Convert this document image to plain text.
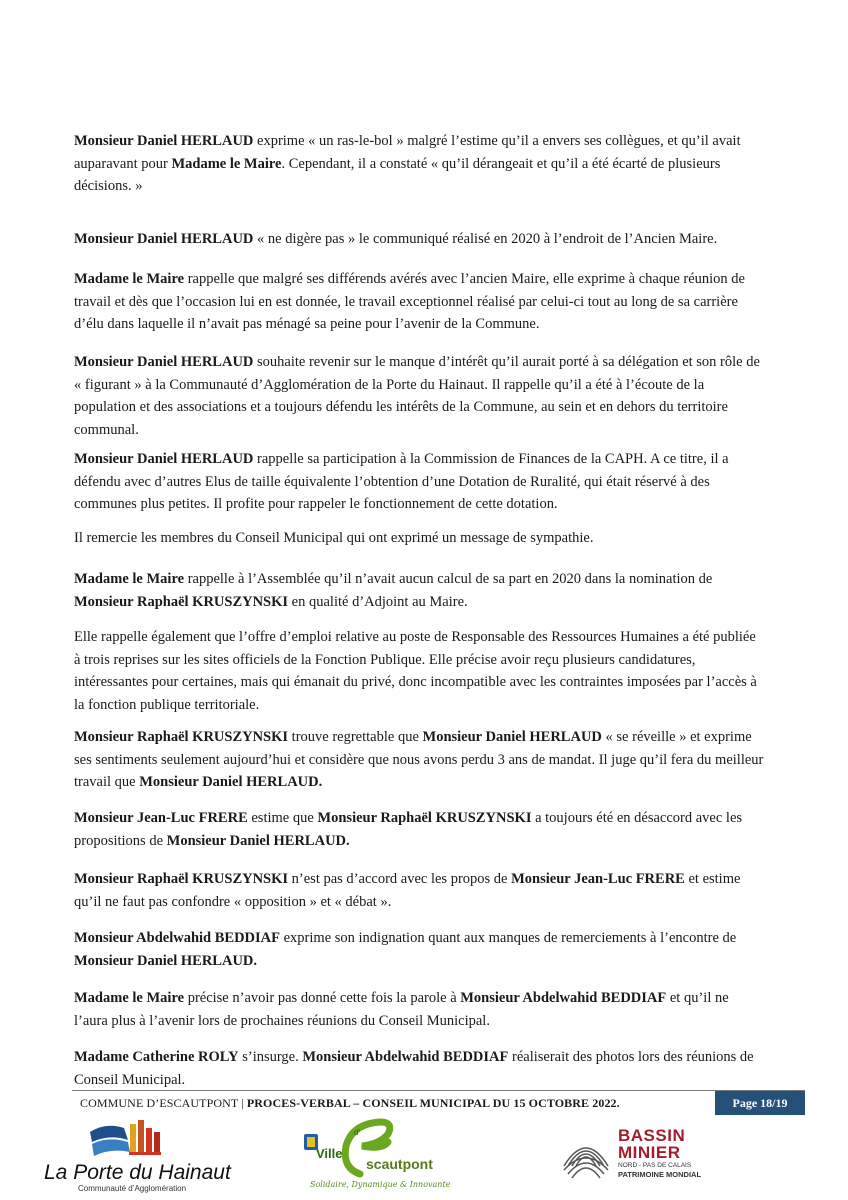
Monsieur Daniel HERLAUD exprime « un ras-le-bol » malgré l’estime qu’il a envers ses collègues, et qu’il avait auparavant pour Madame le Maire. Cependant, il a constaté « qu’il dérangeait et qu’il a été écarté de plusieurs décisions. »

Monsieur Daniel HERLAUD « ne digère pas » le communiqué réalisé en 2020 à l’endroit de l’Ancien Maire.

Madame le Maire rappelle que malgré ses différends avérés avec l’ancien Maire, elle exprime à chaque réunion de travail et dès que l’occasion lui en est donnée, le travail exceptionnel réalisé par celui-ci tout au long de sa carrière d’élu dans laquelle il n’avait pas ménagé sa peine pour l’avenir de la Commune.

Monsieur Daniel HERLAUD souhaite revenir sur le manque d’intérêt qu’il aurait porté à sa délégation et son rôle de « figurant » à la Communauté d’Agglomération de la Porte du Hainaut. Il rappelle qu’il a été à l’écoute de la population et des associations et a toujours défendu les intérêts de la Commune, au sein et en dehors du territoire communal.

Monsieur Daniel HERLAUD rappelle sa participation à la Commission de Finances de la CAPH. A ce titre, il a défendu avec d’autres Elus de taille équivalente l’obtention d’une Dotation de Ruralité, qui était réservé à des communes plus petites. Il profite pour rappeler le fonctionnement de cette dotation.

Il remercie les membres du Conseil Municipal qui ont exprimé un message de sympathie.

Madame le Maire rappelle à l’Assemblée qu’il n’avait aucun calcul de sa part en 2020 dans la nomination de Monsieur Raphaël KRUSZYNSKI en qualité d’Adjoint au Maire.

Elle rappelle également que l’offre d’emploi relative au poste de Responsable des Ressources Humaines a été publiée à trois reprises sur les sites officiels de la Fonction Publique. Elle précise avoir reçu plusieurs candidatures, intéressantes pour certaines, mais qui émanait du privé, donc incompatible avec les contraintes imposées par l’accès à la fonction publique territoriale.

Monsieur Raphaël KRUSZYNSKI trouve regrettable que Monsieur Daniel HERLAUD « se réveille » et exprime ses sentiments seulement aujourd’hui et considère que nous avons perdu 3 ans de mandat. Il juge qu’il fera du meilleur travail que Monsieur Daniel HERLAUD.

Monsieur Jean-Luc FRERE estime que Monsieur Raphaël KRUSZYNSKI a toujours été en désaccord avec les propositions de Monsieur Daniel HERLAUD.

Monsieur Raphaël KRUSZYNSKI n’est pas d’accord avec les propos de Monsieur Jean-Luc FRERE et estime qu’il ne faut pas confondre « opposition » et « débat ».

Monsieur Abdelwahid BEDDIAF exprime son indignation quant aux manques de remerciements à l’encontre de Monsieur Daniel HERLAUD.

Madame le Maire précise n’avoir pas donné cette fois la parole à Monsieur Abdelwahid BEDDIAF et qu’il ne l’aura plus à l’avenir lors de prochaines réunions du Conseil Municipal.

Madame Catherine ROLY s’insurge. Monsieur Abdelwahid BEDDIAF réaliserait des photos lors des réunions de Conseil Municipal.

COMMUNE D’ESCAUTPONT | PROCES-VERBAL – CONSEIL MUNICIPAL DU 15 OCTOBRE 2022.	Page 18/19
La Porte du Hainaut
Communauté d’Agglomération
d'
Ville
scautpont
Solidaire, Dynamique & Innovante
BASSIN
MINIER
NORD - PAS DE CALAIS
PATRIMOINE MONDIAL
